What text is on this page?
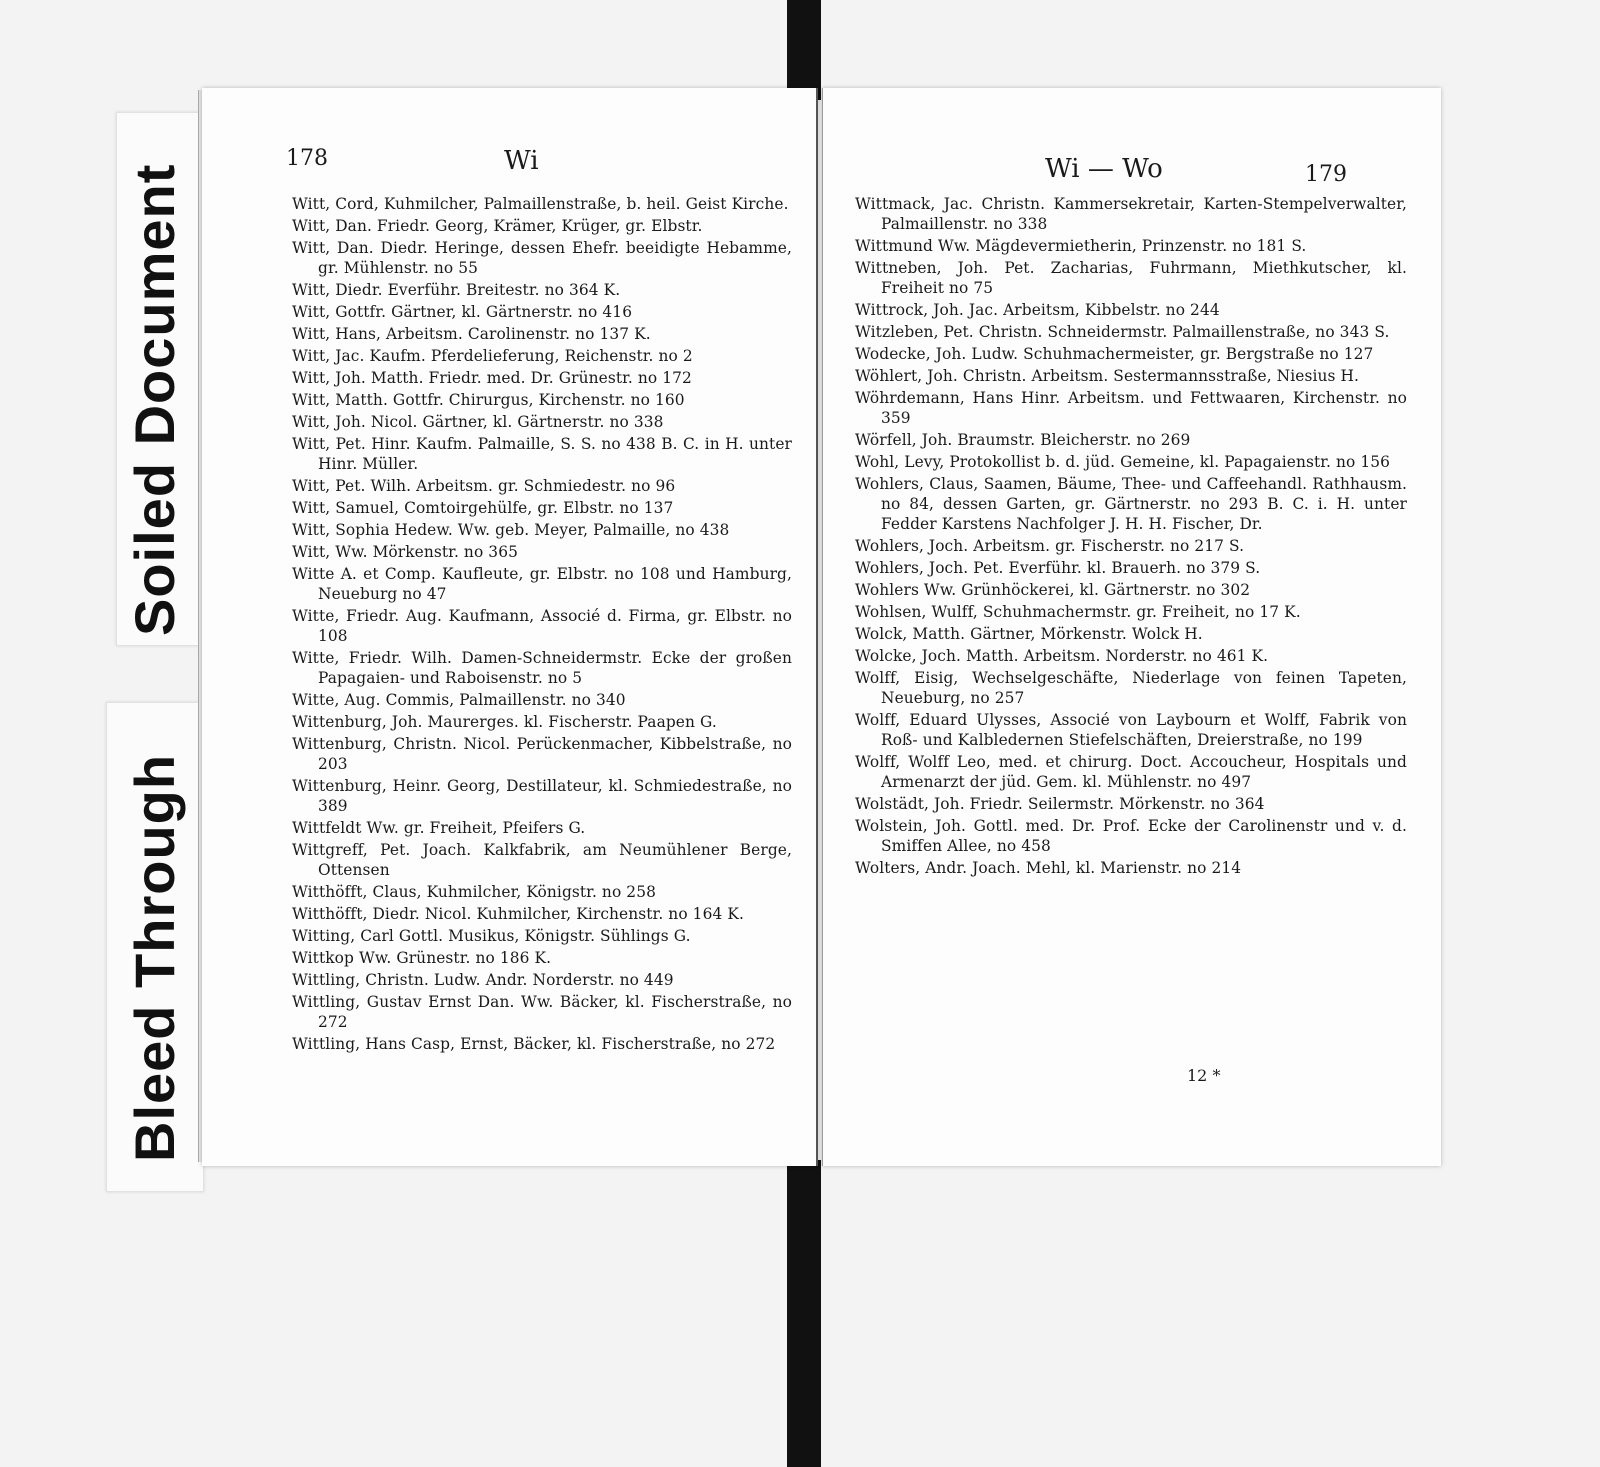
Soiled Document
Bleed Through
178	Wi
Witt, Cord, Kuhmilcher, Palmaillenstraße, b. heil. Geist Kirche.
Witt, Dan. Friedr. Georg, Krämer, Krüger, gr. Elbstr.
Witt, Dan. Diedr. Heringe, dessen Ehefr. beeidigte Hebamme, gr. Mühlenstr. no 55
Witt, Diedr. Everführ. Breitestr. no 364 K.
Witt, Gottfr. Gärtner, kl. Gärtnerstr. no 416
Witt, Hans, Arbeitsm. Carolinenstr. no 137 K.
Witt, Jac. Kaufm. Pferdelieferung, Reichenstr. no 2
Witt, Joh. Matth. Friedr. med. Dr. Grünestr. no 172
Witt, Matth. Gottfr. Chirurgus, Kirchenstr. no 160
Witt, Joh. Nicol. Gärtner, kl. Gärtnerstr. no 338
Witt, Pet. Hinr. Kaufm. Palmaille, S. S. no 438 B. C. in H. unter Hinr. Müller.
Witt, Pet. Wilh. Arbeitsm. gr. Schmiedestr. no 96
Witt, Samuel, Comtoirgehülfe, gr. Elbstr. no 137
Witt, Sophia Hedew. Ww. geb. Meyer, Palmaille, no 438
Witt, Ww. Mörkenstr. no 365
Witte A. et Comp. Kaufleute, gr. Elbstr. no 108 und Hamburg, Neueburg no 47
Witte, Friedr. Aug. Kaufmann, Associé d. Firma, gr. Elbstr. no 108
Witte, Friedr. Wilh. Damen-Schneidermstr. Ecke der großen Papagaien- und Raboisenstr. no 5
Witte, Aug. Commis, Palmaillenstr. no 340
Wittenburg, Joh. Maurerges. kl. Fischerstr. Paapen G.
Wittenburg, Christn. Nicol. Perückenmacher, Kibbelstraße, no 203
Wittenburg, Heinr. Georg, Destillateur, kl. Schmiedestraße, no 389
Wittfeldt Ww. gr. Freiheit, Pfeifers G.
Wittgreff, Pet. Joach. Kalkfabrik, am Neumühlener Berge, Ottensen
Witthöfft, Claus, Kuhmilcher, Königstr. no 258
Witthöfft, Diedr. Nicol. Kuhmilcher, Kirchenstr. no 164 K.
Witting, Carl Gottl. Musikus, Königstr. Sühlings G.
Wittkop Ww. Grünestr. no 186 K.
Wittling, Christn. Ludw. Andr. Norderstr. no 449
Wittling, Gustav Ernst Dan. Ww. Bäcker, kl. Fischerstraße, no 272
Wittling, Hans Casp, Ernst, Bäcker, kl. Fischerstraße, no 272
Wi — Wo	179
Wittmack, Jac. Christn. Kammersekretair, Karten-Stempelverwalter, Palmaillenstr. no 338
Wittmund Ww. Mägdevermietherin, Prinzenstr. no 181 S.
Wittneben, Joh. Pet. Zacharias, Fuhrmann, Miethkutscher, kl. Freiheit no 75
Wittrock, Joh. Jac. Arbeitsm, Kibbelstr. no 244
Witzleben, Pet. Christn. Schneidermstr. Palmaillenstraße, no 343 S.
Wodecke, Joh. Ludw. Schuhmachermeister, gr. Bergstraße no 127
Wöhlert, Joh. Christn. Arbeitsm. Sestermannsstraße, Niesius H.
Wöhrdemann, Hans Hinr. Arbeitsm. und Fettwaaren, Kirchenstr. no 359
Wörfell, Joh. Braumstr. Bleicherstr. no 269
Wohl, Levy, Protokollist b. d. jüd. Gemeine, kl. Papagaienstr. no 156
Wohlers, Claus, Saamen, Bäume, Thee- und Caffeehandl. Rathhausm. no 84, dessen Garten, gr. Gärtnerstr. no 293 B. C. i. H. unter Fedder Karstens Nachfolger J. H. H. Fischer, Dr.
Wohlers, Joch. Arbeitsm. gr. Fischerstr. no 217 S.
Wohlers, Joch. Pet. Everführ. kl. Brauerh. no 379 S.
Wohlers Ww. Grünhöckerei, kl. Gärtnerstr. no 302
Wohlsen, Wulff, Schuhmachermstr. gr. Freiheit, no 17 K.
Wolck, Matth. Gärtner, Mörkenstr. Wolck H.
Wolcke, Joch. Matth. Arbeitsm. Norderstr. no 461 K.
Wolff, Eisig, Wechselgeschäfte, Niederlage von feinen Tapeten, Neueburg, no 257
Wolff, Eduard Ulysses, Associé von Laybourn et Wolff, Fabrik von Roß- und Kalbledernen Stiefelschäften, Dreierstraße, no 199
Wolff, Wolff Leo, med. et chirurg. Doct. Accoucheur, Hospitals und Armenarzt der jüd. Gem. kl. Mühlenstr. no 497
Wolstädt, Joh. Friedr. Seilermstr. Mörkenstr. no 364
Wolstein, Joh. Gottl. med. Dr. Prof. Ecke der Carolinenstr und v. d. Smiffen Allee, no 458
Wolters, Andr. Joach. Mehl, kl. Marienstr. no 214
12 *
